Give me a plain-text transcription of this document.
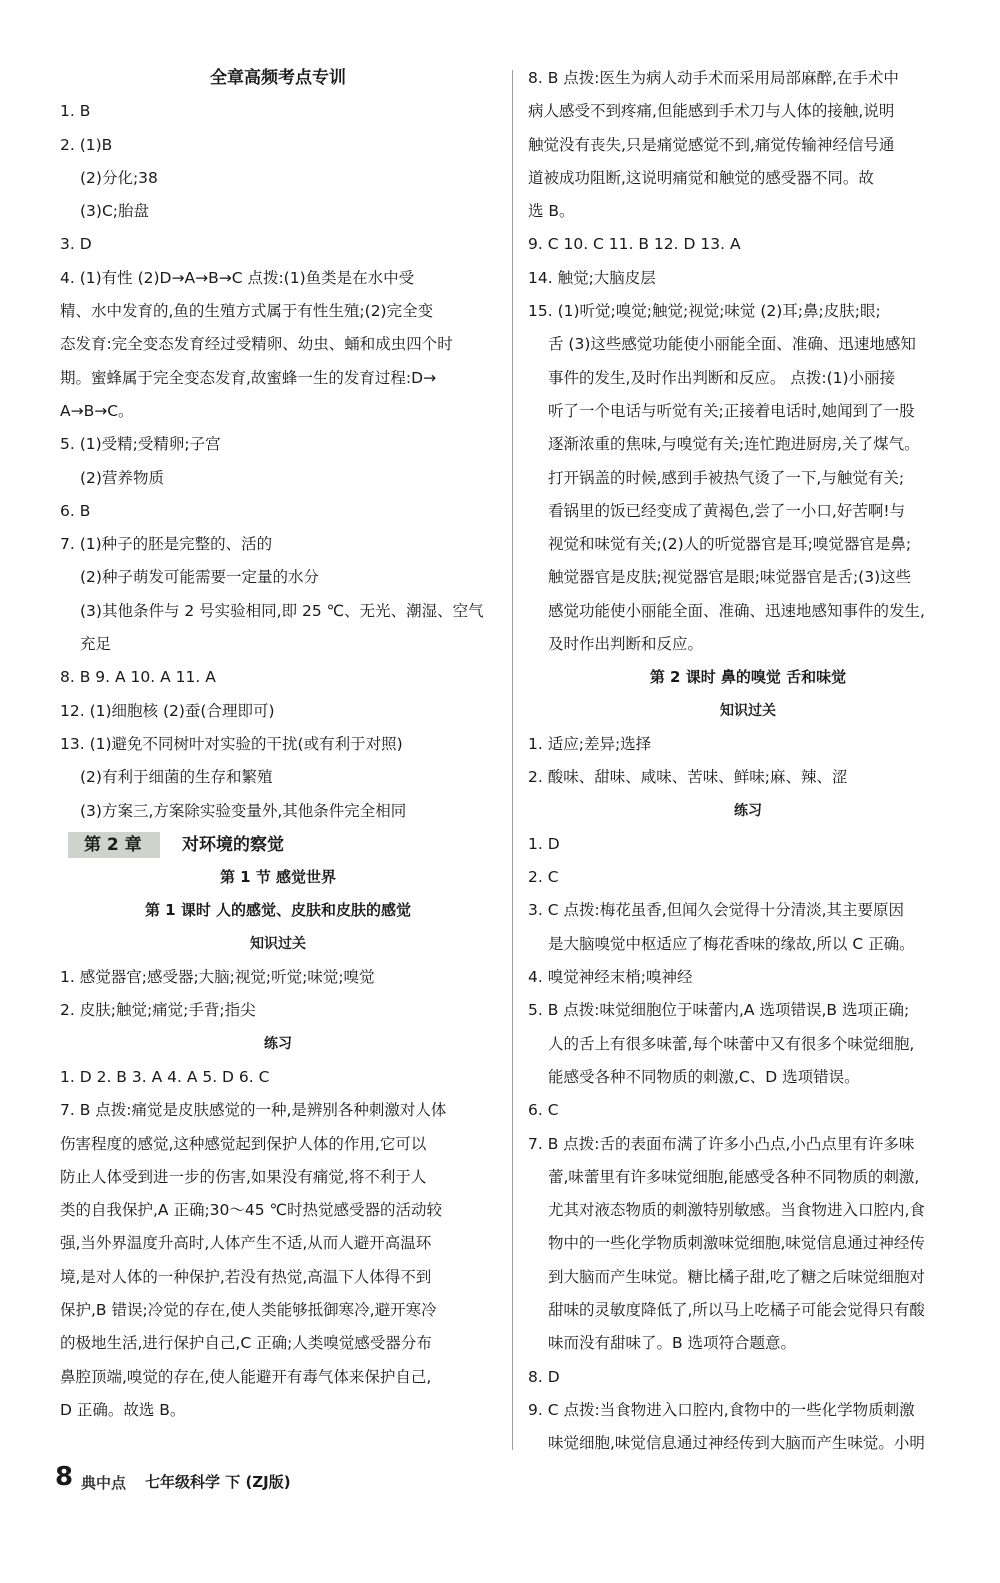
全章高频考点专训
1. B
2. (1)B
(2)分化;38
(3)C;胎盘
3. D
4. (1)有性 (2)D→A→B→C 点拨:(1)鱼类是在水中受
精、水中发育的,鱼的生殖方式属于有性生殖;(2)完全变
态发育:完全变态发育经过受精卵、幼虫、蛹和成虫四个时
期。蜜蜂属于完全变态发育,故蜜蜂一生的发育过程:D→
A→B→C。
5. (1)受精;受精卵;子宫
(2)营养物质
6. B
7. (1)种子的胚是完整的、活的
(2)种子萌发可能需要一定量的水分
(3)其他条件与 2 号实验相同,即 25 ℃、无光、潮湿、空气
充足
8. B 9. A 10. A 11. A
12. (1)细胞核 (2)蚕(合理即可)
13. (1)避免不同树叶对实验的干扰(或有利于对照)
(2)有利于细菌的生存和繁殖
(3)方案三,方案除实验变量外,其他条件完全相同
第 2 章	对环境的察觉
第 1 节 感觉世界
第 1 课时 人的感觉、皮肤和皮肤的感觉
知识过关
1. 感觉器官;感受器;大脑;视觉;听觉;味觉;嗅觉
2. 皮肤;触觉;痛觉;手背;指尖
练习
1. D 2. B 3. A 4. A 5. D 6. C
7. B 点拨:痛觉是皮肤感觉的一种,是辨别各种刺激对人体
伤害程度的感觉,这种感觉起到保护人体的作用,它可以
防止人体受到进一步的伤害,如果没有痛觉,将不利于人
类的自我保护,A 正确;30～45 ℃时热觉感受器的活动较
强,当外界温度升高时,人体产生不适,从而人避开高温环
境,是对人体的一种保护,若没有热觉,高温下人体得不到
保护,B 错误;冷觉的存在,使人类能够抵御寒冷,避开寒冷
的极地生活,进行保护自己,C 正确;人类嗅觉感受器分布
鼻腔顶端,嗅觉的存在,使人能避开有毒气体来保护自己,
D 正确。故选 B。
8. B 点拨:医生为病人动手术而采用局部麻醉,在手术中
病人感受不到疼痛,但能感到手术刀与人体的接触,说明
触觉没有丧失,只是痛觉感觉不到,痛觉传输神经信号通
道被成功阻断,这说明痛觉和触觉的感受器不同。故
选 B。
9. C 10. C 11. B 12. D 13. A
14. 触觉;大脑皮层
15. (1)听觉;嗅觉;触觉;视觉;味觉 (2)耳;鼻;皮肤;眼;
舌 (3)这些感觉功能使小丽能全面、准确、迅速地感知
事件的发生,及时作出判断和反应。 点拨:(1)小丽接
听了一个电话与听觉有关;正接着电话时,她闻到了一股
逐渐浓重的焦味,与嗅觉有关;连忙跑进厨房,关了煤气。
打开锅盖的时候,感到手被热气烫了一下,与触觉有关;
看锅里的饭已经变成了黄褐色,尝了一小口,好苦啊!与
视觉和味觉有关;(2)人的听觉器官是耳;嗅觉器官是鼻;
触觉器官是皮肤;视觉器官是眼;味觉器官是舌;(3)这些
感觉功能使小丽能全面、准确、迅速地感知事件的发生,
及时作出判断和反应。
第 2 课时 鼻的嗅觉 舌和味觉
知识过关
1. 适应;差异;选择
2. 酸味、甜味、咸味、苦味、鲜味;麻、辣、涩
练习
1. D
2. C
3. C 点拨:梅花虽香,但闻久会觉得十分清淡,其主要原因
是大脑嗅觉中枢适应了梅花香味的缘故,所以 C 正确。
4. 嗅觉神经末梢;嗅神经
5. B 点拨:味觉细胞位于味蕾内,A 选项错误,B 选项正确;
人的舌上有很多味蕾,每个味蕾中又有很多个味觉细胞,
能感受各种不同物质的刺激,C、D 选项错误。
6. C
7. B 点拨:舌的表面布满了许多小凸点,小凸点里有许多味
蕾,味蕾里有许多味觉细胞,能感受各种不同物质的刺激,
尤其对液态物质的刺激特别敏感。当食物进入口腔内,食
物中的一些化学物质刺激味觉细胞,味觉信息通过神经传
到大脑而产生味觉。糖比橘子甜,吃了糖之后味觉细胞对
甜味的灵敏度降低了,所以马上吃橘子可能会觉得只有酸
味而没有甜味了。B 选项符合题意。
8. D
9. C 点拨:当食物进入口腔内,食物中的一些化学物质刺激
味觉细胞,味觉信息通过神经传到大脑而产生味觉。小明
8 典中点 七年级科学 下 (ZJ版)
